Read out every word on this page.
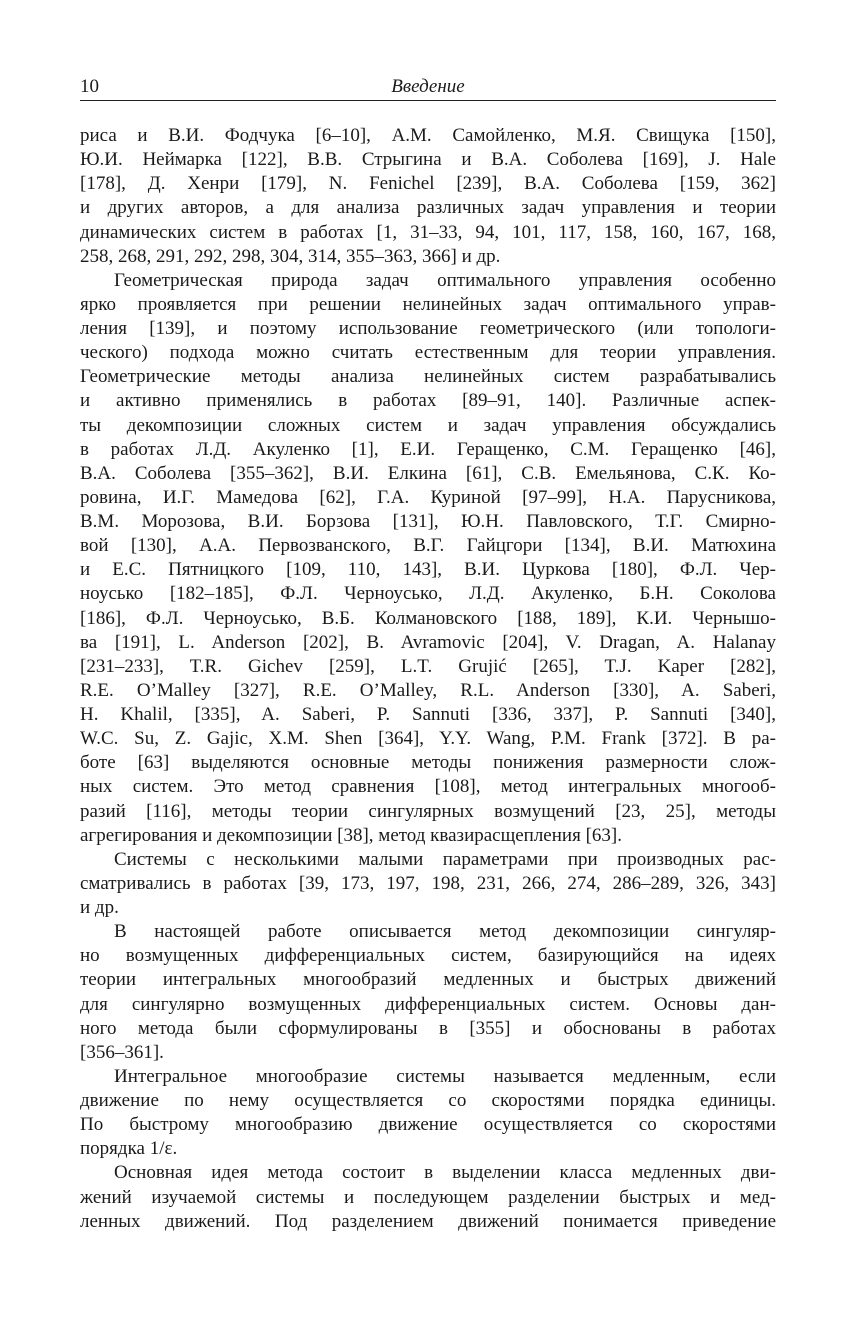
10	Введение
риса и В.И. Фодчука [6–10], А.М. Самойленко, М.Я. Свищука [150],
Ю.И. Неймарка [122], В.В. Стрыгина и В.А. Соболева [169], J. Hale
[178], Д. Хенри [179], N. Fenichel [239], В.А. Соболева [159, 362]
и других авторов, а для анализа различных задач управления и теории
динамических систем в работах [1, 31–33, 94, 101, 117, 158, 160, 167, 168,
258, 268, 291, 292, 298, 304, 314, 355–363, 366] и др.
Геометрическая природа задач оптимального управления особенно
ярко проявляется при решении нелинейных задач оптимального управ-
ления [139], и поэтому использование геометрического (или топологи-
ческого) подхода можно считать естественным для теории управления.
Геометрические методы анализа нелинейных систем разрабатывались
и активно применялись в работах [89–91, 140]. Различные аспек-
ты декомпозиции сложных систем и задач управления обсуждались
в работах Л.Д. Акуленко [1], Е.И. Геращенко, С.М. Геращенко [46],
В.А. Соболева [355–362], В.И. Елкина [61], С.В. Емельянова, С.К. Ко-
ровина, И.Г. Мамедова [62], Г.А. Куриной [97–99], Н.А. Парусникова,
В.М. Морозова, В.И. Борзова [131], Ю.Н. Павловского, Т.Г. Смирно-
вой [130], А.А. Первозванского, В.Г. Гайцгори [134], В.И. Матюхина
и Е.С. Пятницкого [109, 110, 143], В.И. Цуркова [180], Ф.Л. Чер-
ноусько [182–185], Ф.Л. Черноусько, Л.Д. Акуленко, Б.Н. Соколова
[186], Ф.Л. Черноусько, В.Б. Колмановского [188, 189], К.И. Чернышо-
ва [191], L. Anderson [202], B. Avramovic [204], V. Dragan, A. Halanay
[231–233], T.R. Gichev [259], L.T. Grujić [265], T.J. Kaper [282],
R.E. O’Malley [327], R.E. O’Malley, R.L. Anderson [330], A. Saberi,
H. Khalil, [335], A. Saberi, P. Sannuti [336, 337], P. Sannuti [340],
W.C. Su, Z. Gajic, X.M. Shen [364], Y.Y. Wang, P.M. Frank [372]. В ра-
боте [63] выделяются основные методы понижения размерности слож-
ных систем. Это метод сравнения [108], метод интегральных многооб-
разий [116], методы теории сингулярных возмущений [23, 25], методы
агрегирования и декомпозиции [38], метод квазирасщепления [63].
Системы с несколькими малыми параметрами при производных рас-
сматривались в работах [39, 173, 197, 198, 231, 266, 274, 286–289, 326, 343]
и др.
В настоящей работе описывается метод декомпозиции сингуляр-
но возмущенных дифференциальных систем, базирующийся на идеях
теории интегральных многообразий медленных и быстрых движений
для сингулярно возмущенных дифференциальных систем. Основы дан-
ного метода были сформулированы в [355] и обоснованы в работах
[356–361].
Интегральное многообразие системы называется медленным, если
движение по нему осуществляется со скоростями порядка единицы.
По быстрому многообразию движение осуществляется со скоростями
порядка 1/ε.
Основная идея метода состоит в выделении класса медленных дви-
жений изучаемой системы и последующем разделении быстрых и мед-
ленных движений. Под разделением движений понимается приведение
